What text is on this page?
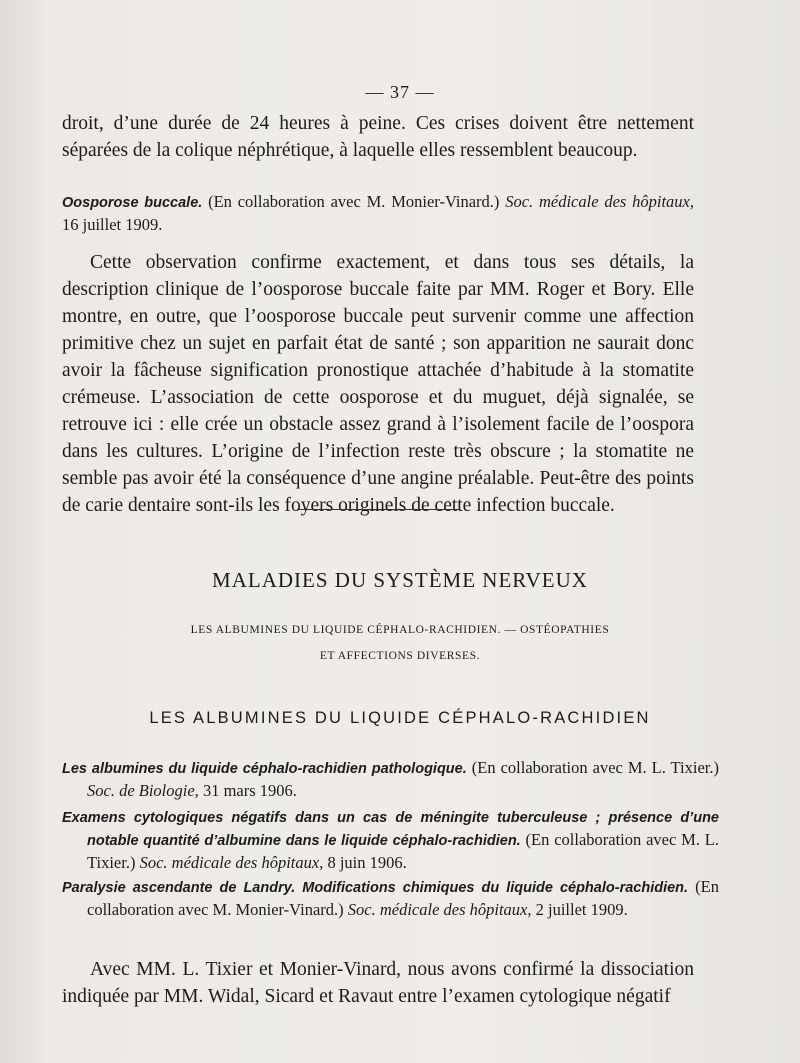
— 37 —

droit, d’une durée de 24 heures à peine. Ces crises doivent être nettement séparées de la colique néphrétique, à laquelle elles ressemblent beaucoup.

Oosporose buccale. (En collaboration avec M. Monier-Vinard.) Soc. médicale des hôpitaux, 16 juillet 1909.

Cette observation confirme exactement, et dans tous ses détails, la description clinique de l’oosporose buccale faite par MM. Roger et Bory. Elle montre, en outre, que l’oosporose buccale peut survenir comme une affection primitive chez un sujet en parfait état de santé ; son apparition ne saurait donc avoir la fâcheuse signification pronostique attachée d’habitude à la stomatite crémeuse. L’association de cette oosporose et du muguet, déjà signalée, se retrouve ici : elle crée un obstacle assez grand à l’isolement facile de l’oospora dans les cultures. L’origine de l’infection reste très obscure ; la stomatite ne semble pas avoir été la conséquence d’une angine préalable. Peut-être des points de carie dentaire sont-ils les foyers originels de cette infection buccale.

MALADIES DU SYSTÈME NERVEUX
LES ALBUMINES DU LIQUIDE CÉPHALO-RACHIDIEN. — OSTÉOPATHIES
ET AFFECTIONS DIVERSES.
LES ALBUMINES DU LIQUIDE CÉPHALO-RACHIDIEN

Les albumines du liquide céphalo-rachidien pathologique. (En collaboration avec M. L. Tixier.) Soc. de Biologie, 31 mars 1906.

Examens cytologiques négatifs dans un cas de méningite tuberculeuse ; présence d’une notable quantité d’albumine dans le liquide céphalo-rachidien. (En collaboration avec M. L. Tixier.) Soc. médicale des hôpitaux, 8 juin 1906.

Paralysie ascendante de Landry. Modifications chimiques du liquide céphalo-rachidien. (En collaboration avec M. Monier-Vinard.) Soc. médicale des hôpitaux, 2 juillet 1909.

Avec MM. L. Tixier et Monier-Vinard, nous avons confirmé la dissociation indiquée par MM. Widal, Sicard et Ravaut entre l’examen cytologique négatif
